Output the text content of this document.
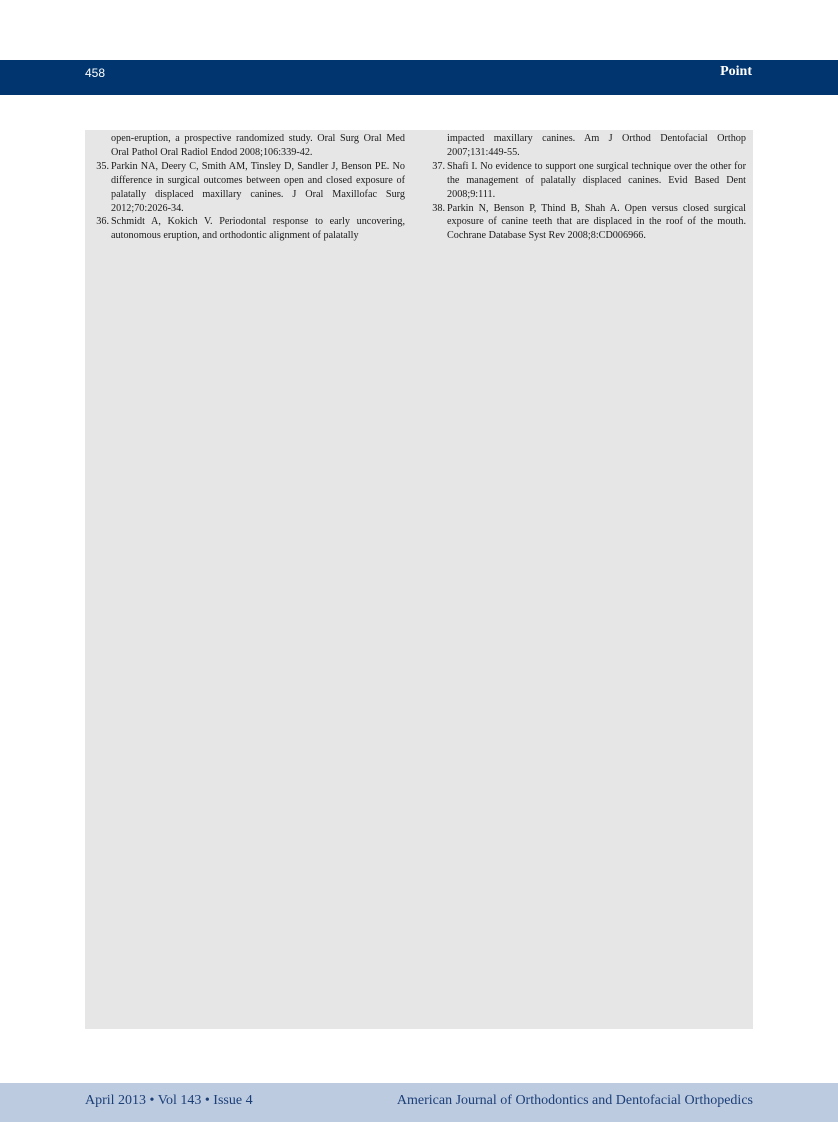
458	Point

open-eruption, a prospective randomized study. Oral Surg Oral Med Oral Pathol Oral Radiol Endod 2008;106:339-42.

35. Parkin NA, Deery C, Smith AM, Tinsley D, Sandler J, Benson PE. No difference in surgical outcomes between open and closed exposure of palatally displaced maxillary canines. J Oral Maxillofac Surg 2012;70:2026-34.

36. Schmidt A, Kokich V. Periodontal response to early uncovering, autonomous eruption, and orthodontic alignment of palatally

impacted maxillary canines. Am J Orthod Dentofacial Orthop 2007;131:449-55.

37. Shafi I. No evidence to support one surgical technique over the other for the management of palatally displaced canines. Evid Based Dent 2008;9:111.

38. Parkin N, Benson P, Thind B, Shah A. Open versus closed surgical exposure of canine teeth that are displaced in the roof of the mouth. Cochrane Database Syst Rev 2008;8:CD006966.

April 2013 • Vol 143 • Issue 4	American Journal of Orthodontics and Dentofacial Orthopedics
